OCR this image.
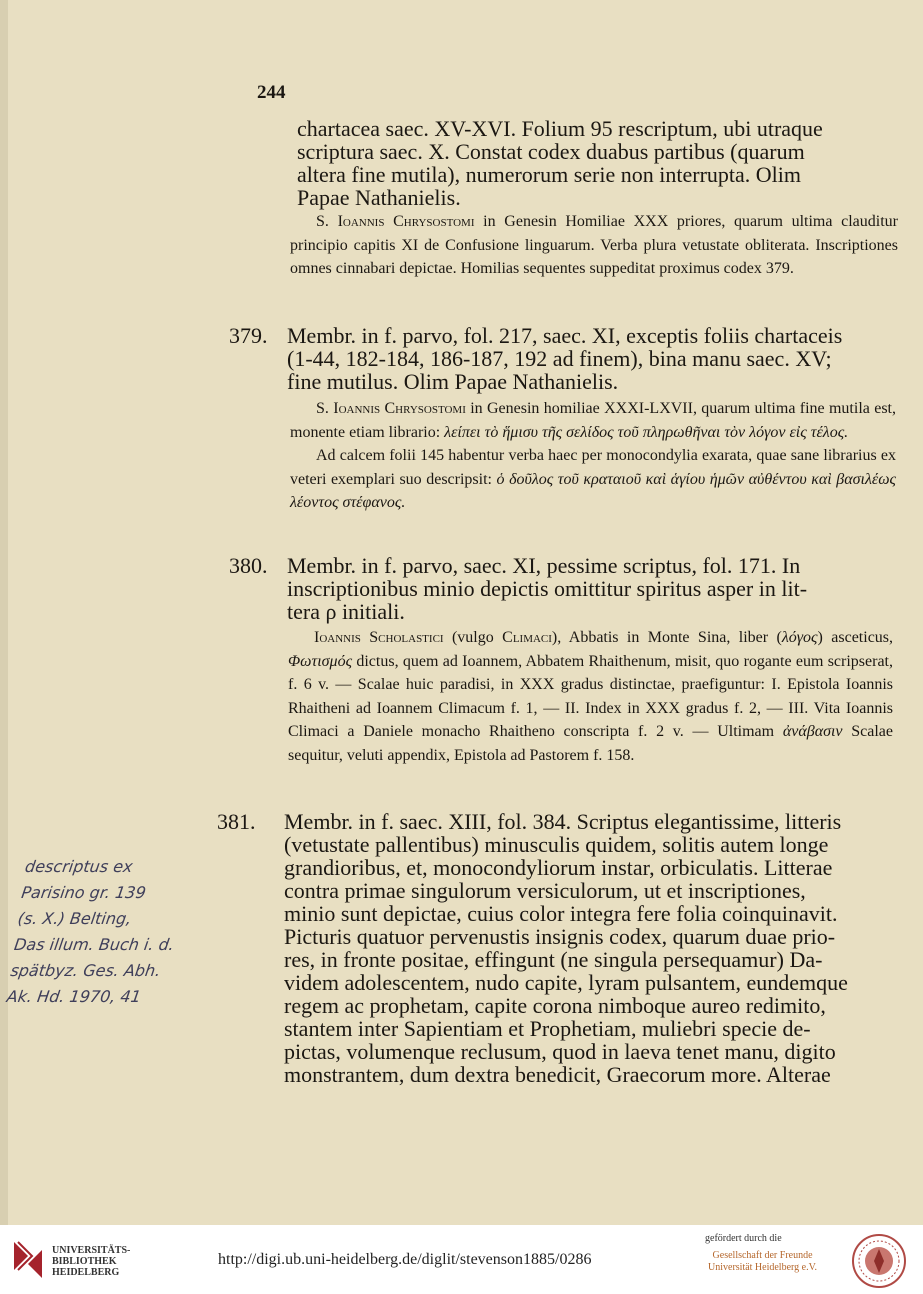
244

chartacea saec. XV-XVI. Folium 95 rescriptum, ubi utraque

scriptura saec. X. Constat codex duabus partibus (quarum

altera fine mutila), numerorum serie non interrupta. Olim

Papae Nathanielis.

S. Ioannis Chrysostomi in Genesin Homiliae XXX priores, quarum ultima clauditur principio capitis XI de Confusione linguarum. Verba plura vetustate obliterata. Inscriptiones omnes cinnabari depictae. Homilias sequentes suppeditat proximus codex 379.

379. Membr. in f. parvo, fol. 217, saec. XI, exceptis foliis chartaceis
(1-44, 182-184, 186-187, 192 ad finem), bina manu saec. XV;
fine mutilus. Olim Papae Nathanielis.

S. Ioannis Chrysostomi in Genesin homiliae XXXI-LXVII, quarum ultima fine mutila est, monente etiam librario: λείπει τὸ ἥμισυ τῆς σελίδος τοῦ πληρωθῆναι τὸν λόγον εἰς τέλος.

Ad calcem folii 145 habentur verba haec per monocondylia exarata, quae sane librarius ex veteri exemplari suo descripsit: ὁ δοῦλος τοῦ κραταιοῦ καὶ ἁγίου ἡμῶν αὐθέντου καὶ βασιλέως λέοντος στέφανος.

380. Membr. in f. parvo, saec. XI, pessime scriptus, fol. 171. In
inscriptionibus minio depictis omittitur spiritus asper in lit-
tera ρ initiali.

Ioannis Scholastici (vulgo Climaci), Abbatis in Monte Sina, liber (λόγος) asceticus, Φωτισμός dictus, quem ad Ioannem, Abbatem Rhaithenum, misit, quo rogante eum scripserat, f. 6 v. — Scalae huic paradisi, in XXX gradus distinctae, praefiguntur: I. Epistola Ioannis Rhaitheni ad Ioannem Climacum f. 1, — II. Index in XXX gradus f. 2, — III. Vita Ioannis Climaci a Daniele monacho Rhaitheno conscripta f. 2 v. — Ultimam ἀνάβασιν Scalae sequitur, veluti appendix, Epistola ad Pastorem f. 158.

381. Membr. in f. saec. XIII, fol. 384. Scriptus elegantissime, litteris
(vetustate pallentibus) minusculis quidem, solitis autem longe
grandioribus, et, monocondyliorum instar, orbiculatis. Litterae
contra primae singulorum versiculorum, ut et inscriptiones,
minio sunt depictae, cuius color integra fere folia coinquinavit.
Picturis quatuor pervenustis insignis codex, quarum duae prio-
res, in fronte positae, effingunt (ne singula persequamur) Da-
videm adolescentem, nudo capite, lyram pulsantem, eundemque
regem ac prophetam, capite corona nimboque aureo redimito,
stantem inter Sapientiam et Prophetiam, muliebri specie de-
pictas, volumenque reclusum, quod in laeva tenet manu, digito
monstrantem, dum dextra benedicit, Graecorum more. Alterae
descriptus ex
Parisino gr. 139
(s. X.) Belting,
Das illum. Buch i. d.
spätbyz. Ges. Abh.
Ak. Hd. 1970, 41
UNIVERSITÄTS-
BIBLIOTHEK
HEIDELBERG
http://digi.ub.uni-heidelberg.de/diglit/stevenson1885/0286
gefördert durch die
Gesellschaft der Freunde
Universität Heidelberg e.V.
